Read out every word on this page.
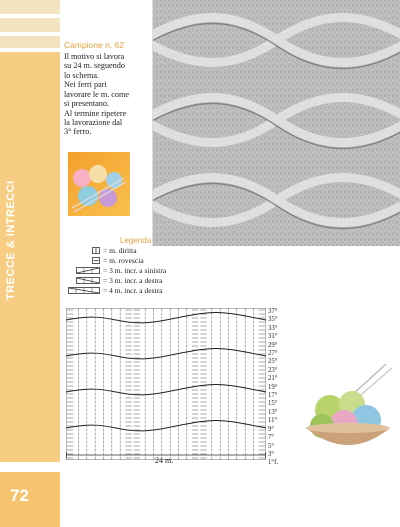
TRECCE & INTRECCI
72
Campione n. 62
Il motivo si lavora
su 24 m. seguendo
lo schema.
Nei ferri pari
lavorare le m. come
si presentano.
Al termine ripetere
la lavorazione dal
3° ferro.
Legenda
= m. diritta
= m. rovescia
= 3 m. incr. a sinistra
= 3 m. incr. a destra
= 4 m. incr. a destra
37°
35°
33°
31°
29°
27°
25°
23°
21°
19°
17°
15°
13°
11°
9°
7°
5°
3°
1°f.
24 m.
